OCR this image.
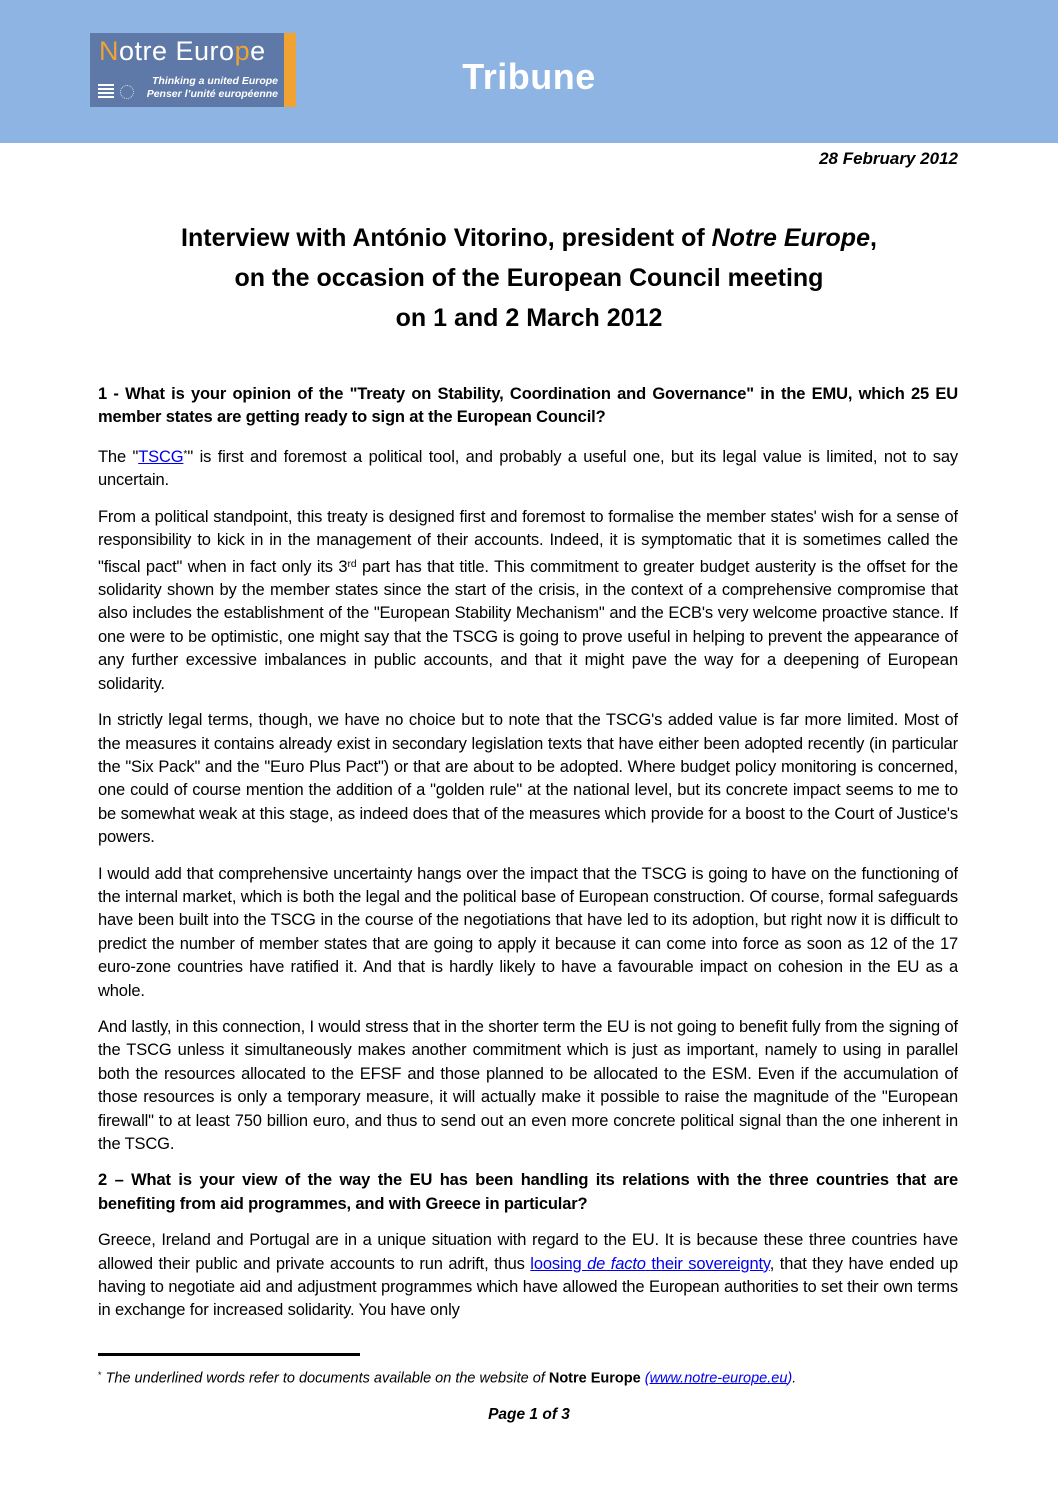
Notre Europe
Thinking a united Europe
Penser l’unité européenne	Tribune
28 February 2012
Interview with António Vitorino, president of Notre Europe,
on the occasion of the European Council meeting
on 1 and 2 March 2012

1 - What is your opinion of the "Treaty on Stability, Coordination and Governance" in the EMU, which 25 EU member states are getting ready to sign at the European Council?

The "TSCG*" is first and foremost a political tool, and probably a useful one, but its legal value is limited, not to say uncertain.

From a political standpoint, this treaty is designed first and foremost to formalise the member states' wish for a sense of responsibility to kick in in the management of their accounts. Indeed, it is symptomatic that it is sometimes called the "fiscal pact" when in fact only its 3rd part has that title. This commitment to greater budget austerity is the offset for the solidarity shown by the member states since the start of the crisis, in the context of a comprehensive compromise that also includes the establishment of the "European Stability Mechanism" and the ECB's very welcome proactive stance. If one were to be optimistic, one might say that the TSCG is going to prove useful in helping to prevent the appearance of any further excessive imbalances in public accounts, and that it might pave the way for a deepening of European solidarity.

In strictly legal terms, though, we have no choice but to note that the TSCG's added value is far more limited. Most of the measures it contains already exist in secondary legislation texts that have either been adopted recently (in particular the "Six Pack" and the "Euro Plus Pact") or that are about to be adopted. Where budget policy monitoring is concerned, one could of course mention the addition of a "golden rule" at the national level, but its concrete impact seems to me to be somewhat weak at this stage, as indeed does that of the measures which provide for a boost to the Court of Justice's powers.

I would add that comprehensive uncertainty hangs over the impact that the TSCG is going to have on the functioning of the internal market, which is both the legal and the political base of European construction. Of course, formal safeguards have been built into the TSCG in the course of the negotiations that have led to its adoption, but right now it is difficult to predict the number of member states that are going to apply it because it can come into force as soon as 12 of the 17 euro-zone countries have ratified it. And that is hardly likely to have a favourable impact on cohesion in the EU as a whole.

And lastly, in this connection, I would stress that in the shorter term the EU is not going to benefit fully from the signing of the TSCG unless it simultaneously makes another commitment which is just as important, namely to using in parallel both the resources allocated to the EFSF and those planned to be allocated to the ESM. Even if the accumulation of those resources is only a temporary measure, it will actually make it possible to raise the magnitude of the "European firewall" to at least 750 billion euro, and thus to send out an even more concrete political signal than the one inherent in the TSCG.

2 – What is your view of the way the EU has been handling its relations with the three countries that are benefiting from aid programmes, and with Greece in particular?

Greece, Ireland and Portugal are in a unique situation with regard to the EU. It is because these three countries have allowed their public and private accounts to run adrift, thus loosing de facto their sovereignty, that they have ended up having to negotiate aid and adjustment programmes which have allowed the European authorities to set their own terms in exchange for increased solidarity. You have only

* The underlined words refer to documents available on the website of Notre Europe (www.notre-europe.eu).
Page 1 of 3
